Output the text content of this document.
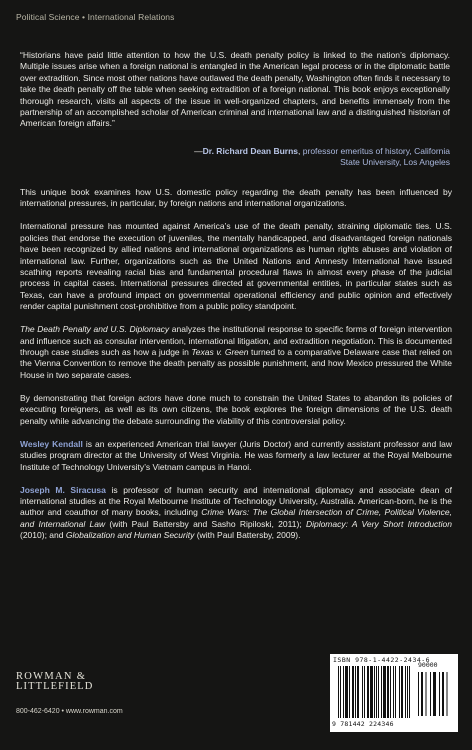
Political Science • International Relations
“Historians have paid little attention to how the U.S. death penalty policy is linked to the nation’s diplomacy. Multiple issues arise when a foreign national is entangled in the American legal process or in the diplomatic battle over extradition. Since most other nations have outlawed the death penalty, Washington often finds it necessary to take the death penalty off the table when seeking extradition of a foreign national. This book enjoys exceptionally thorough research, visits all aspects of the issue in well-organized chapters, and benefits immensely from the partnership of an accomplished scholar of American criminal and international law and a distinguished historian of American foreign affairs.”
—Dr. Richard Dean Burns, professor emeritus of history, California State University, Los Angeles

This unique book examines how U.S. domestic policy regarding the death penalty has been influenced by international pressures, in particular, by foreign nations and international organizations.

International pressure has mounted against America’s use of the death penalty, straining diplomatic ties. U.S. policies that endorse the execution of juveniles, the mentally handicapped, and disadvantaged foreign nationals have been recognized by allied nations and international organizations as human rights abuses and violation of international law. Further, organizations such as the United Nations and Amnesty International have issued scathing reports revealing racial bias and fundamental procedural flaws in almost every phase of the judicial process in capital cases. International pressures directed at governmental entities, in particular states such as Texas, can have a profound impact on governmental operational efficiency and public opinion and effectively render capital punishment cost-prohibitive from a public policy standpoint.

The Death Penalty and U.S. Diplomacy analyzes the institutional response to specific forms of foreign intervention and influence such as consular intervention, international litigation, and extradition negotiation. This is documented through case studies such as how a judge in Texas v. Green turned to a comparative Delaware case that relied on the Vienna Convention to remove the death penalty as possible punishment, and how Mexico pressured the White House in two separate cases.

By demonstrating that foreign actors have done much to constrain the United States to abandon its policies of executing foreigners, as well as its own citizens, the book explores the foreign dimensions of the U.S. death penalty while advancing the debate surrounding the viability of this controversial policy.

Wesley Kendall is an experienced American trial lawyer (Juris Doctor) and currently assistant professor and law studies program director at the University of West Virginia. He was formerly a law lecturer at the Royal Melbourne Institute of Technology University’s Vietnam campus in Hanoi.

Joseph M. Siracusa is professor of human security and international diplomacy and associate dean of international studies at the Royal Melbourne Institute of Technology University, Australia. American-born, he is the author and coauthor of many books, including Crime Wars: The Global Intersection of Crime, Political Violence, and International Law (with Paul Battersby and Sasho Ripiloski, 2011); Diplomacy: A Very Short Introduction (2010); and Globalization and Human Security (with Paul Battersby, 2009).

ROWMAN &
LITTLEFIELD
800-462-6420 • www.rowman.com
ISBN 978-1-4422-2434-6
90000
9 781442 224346
